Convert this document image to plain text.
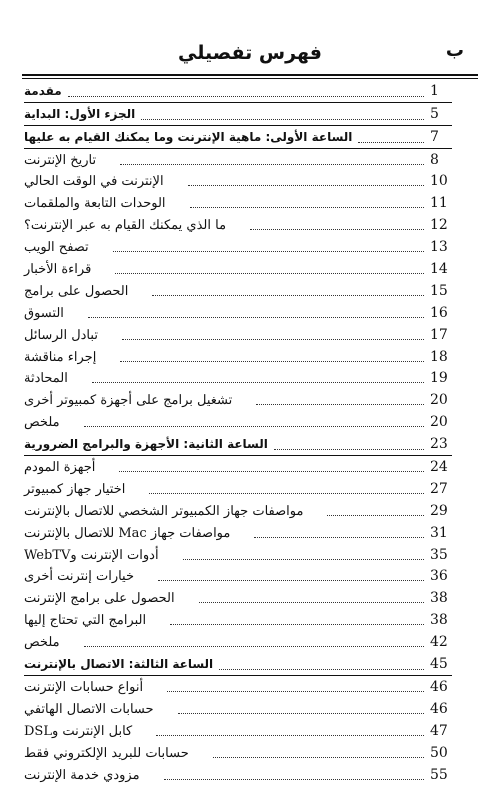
فهرس تفصيلي	ب
مقدمة	1
الجزء الأول: البداية	5
الساعة الأولى: ماهية الإنترنت وما يمكنك القيام به عليها	7
تاريخ الإنترنت	8
الإنترنت في الوقت الحالي	10
الوحدات التابعة والملقمات	11
ما الذي يمكنك القيام به عبر الإنترنت؟	12
تصفح الويب	13
قراءة الأخبار	14
الحصول على برامج	15
التسوق	16
تبادل الرسائل	17
إجراء مناقشة	18
المحادثة	19
تشغيل برامج على أجهزة كمبيوتر أخرى	20
ملخص	20
الساعة الثانية: الأجهزة والبرامج الضرورية	23
أجهزة المودم	24
اختيار جهاز كمبيوتر	27
مواصفات جهاز الكمبيوتر الشخصي للاتصال بالإنترنت	29
مواصفات جهاز Mac للاتصال بالإنترنت	31
أدوات الإنترنت وWebTV	35
خيارات إنترنت أخرى	36
الحصول على برامج الإنترنت	38
البرامج التي تحتاج إليها	38
ملخص	42
الساعة الثالثة: الاتصال بالإنترنت	45
أنواع حسابات الإنترنت	46
حسابات الاتصال الهاتفي	46
كابل الإنترنت وDSL	47
حسابات للبريد الإلكتروني فقط	50
مزودي خدمة الإنترنت	55
